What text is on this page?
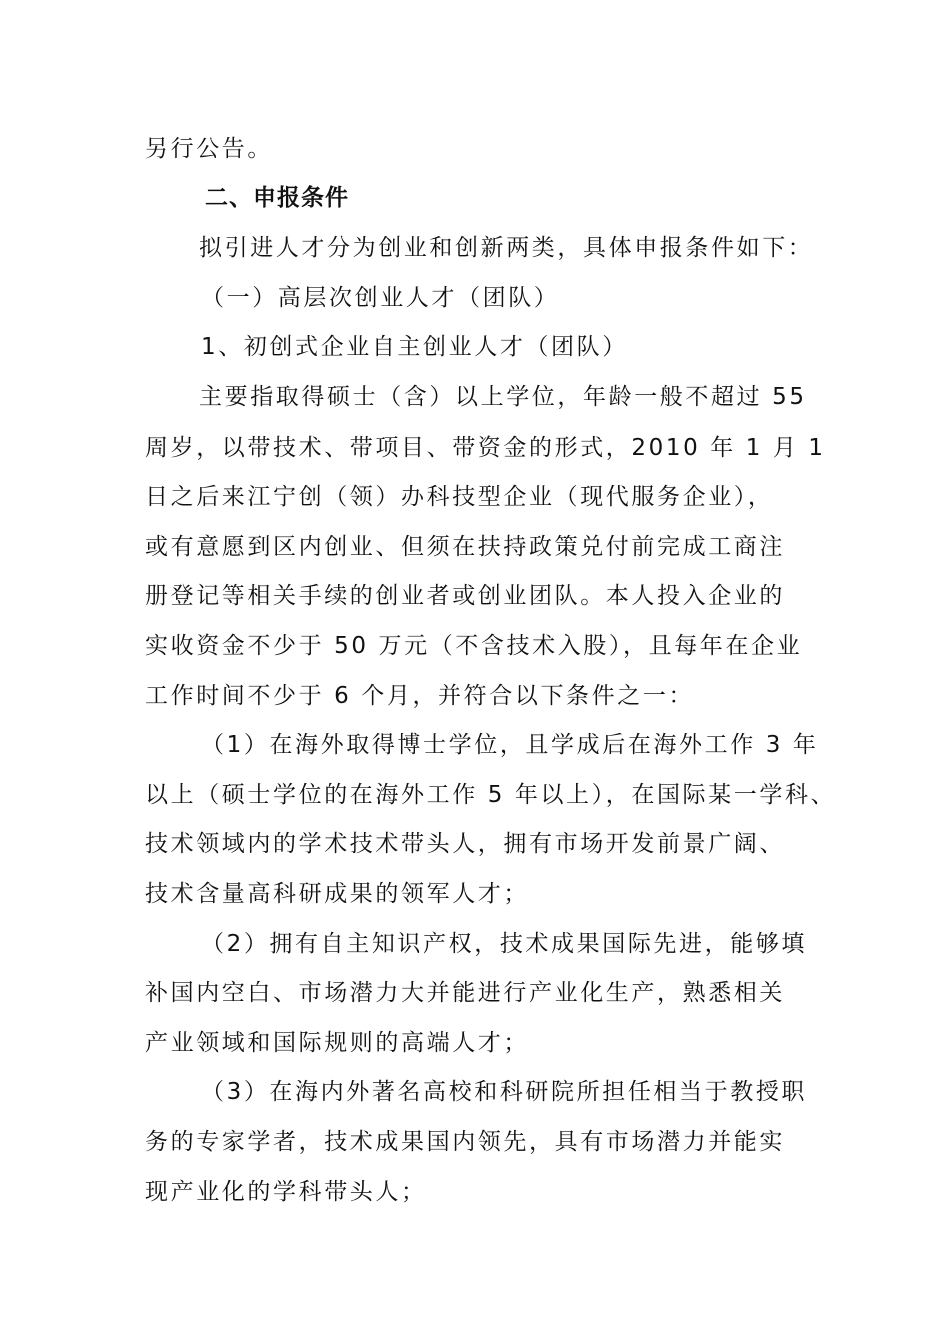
另行公告。

二、申报条件

拟引进人才分为创业和创新两类，具体申报条件如下：

（一）高层次创业人才（团队）

1、初创式企业自主创业人才（团队）

主要指取得硕士（含）以上学位，年龄一般不超过 55

周岁，以带技术、带项目、带资金的形式，2010 年 1 月 1

日之后来江宁创（领）办科技型企业（现代服务企业），

或有意愿到区内创业、但须在扶持政策兑付前完成工商注

册登记等相关手续的创业者或创业团队。本人投入企业的

实收资金不少于 50 万元（不含技术入股），且每年在企业

工作时间不少于 6 个月，并符合以下条件之一：

（1）在海外取得博士学位，且学成后在海外工作 3 年

以上（硕士学位的在海外工作 5 年以上），在国际某一学科、

技术领域内的学术技术带头人，拥有市场开发前景广阔、

技术含量高科研成果的领军人才；

（2）拥有自主知识产权，技术成果国际先进，能够填

补国内空白、市场潜力大并能进行产业化生产，熟悉相关

产业领域和国际规则的高端人才；

（3）在海内外著名高校和科研院所担任相当于教授职

务的专家学者，技术成果国内领先，具有市场潜力并能实

现产业化的学科带头人；
